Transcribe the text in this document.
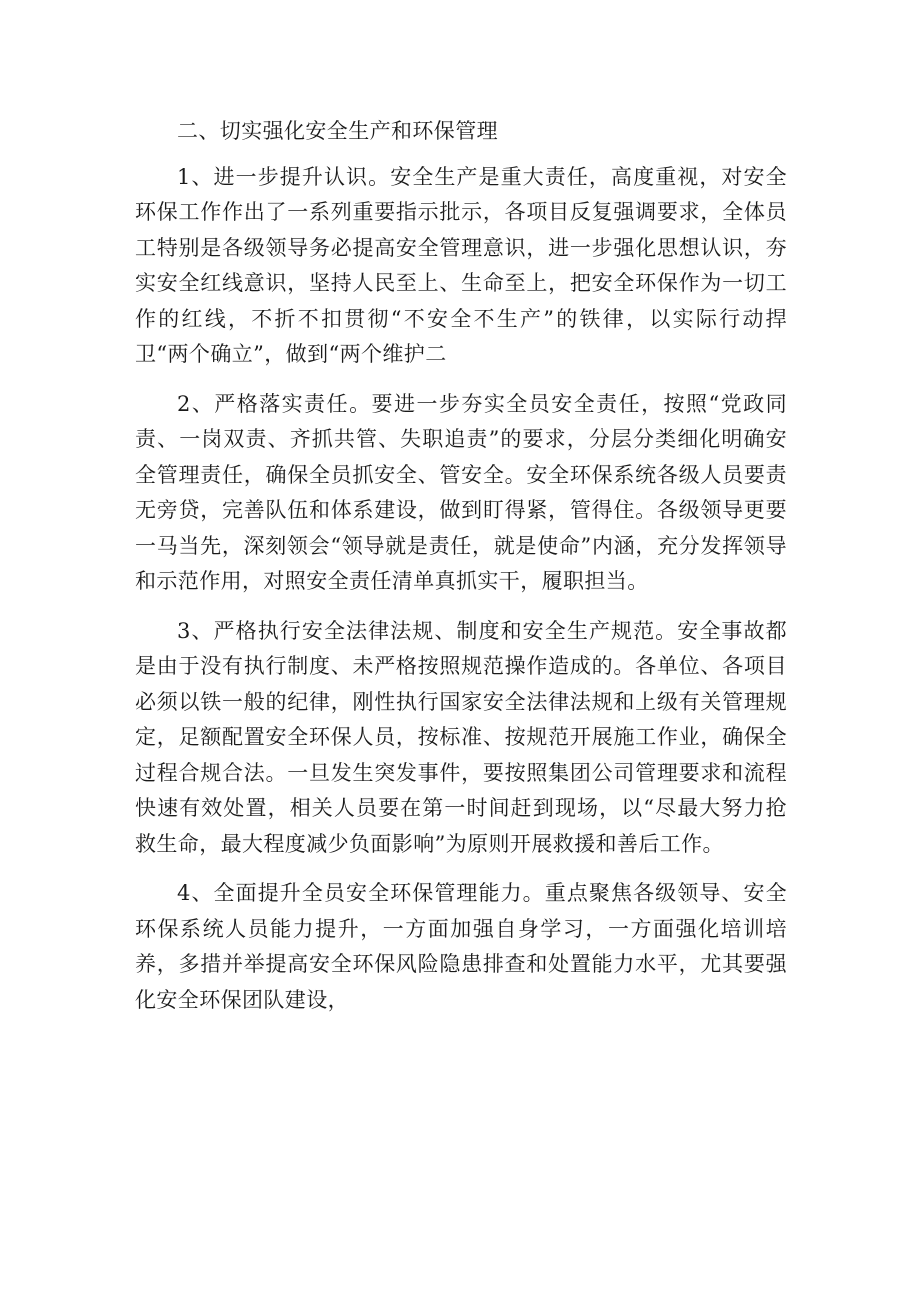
二、切实强化安全生产和环保管理

1、进一步提升认识。安全生产是重大责任，高度重视，对安全环保工作作出了一系列重要指示批示，各项目反复强调要求，全体员工特别是各级领导务必提高安全管理意识，进一步强化思想认识，夯实安全红线意识，坚持人民至上、生命至上，把安全环保作为一切工作的红线，不折不扣贯彻“不安全不生产”的铁律，以实际行动捍卫“两个确立”，做到“两个维护二

2、严格落实责任。要进一步夯实全员安全责任，按照“党政同责、一岗双责、齐抓共管、失职追责”的要求，分层分类细化明确安全管理责任，确保全员抓安全、管安全。安全环保系统各级人员要责无旁贷，完善队伍和体系建设，做到盯得紧，管得住。各级领导更要一马当先，深刻领会“领导就是责任，就是使命”内涵，充分发挥领导和示范作用，对照安全责任清单真抓实干，履职担当。

3、严格执行安全法律法规、制度和安全生产规范。安全事故都是由于没有执行制度、未严格按照规范操作造成的。各单位、各项目必须以铁一般的纪律，刚性执行国家安全法律法规和上级有关管理规定，足额配置安全环保人员，按标准、按规范开展施工作业，确保全过程合规合法。一旦发生突发事件，要按照集团公司管理要求和流程快速有效处置，相关人员要在第一时间赶到现场，以“尽最大努力抢救生命，最大程度减少负面影响”为原则开展救援和善后工作。

4、全面提升全员安全环保管理能力。重点聚焦各级领导、安全环保系统人员能力提升，一方面加强自身学习，一方面强化培训培养，多措并举提高安全环保风险隐患排查和处置能力水平，尤其要强化安全环保团队建设，
